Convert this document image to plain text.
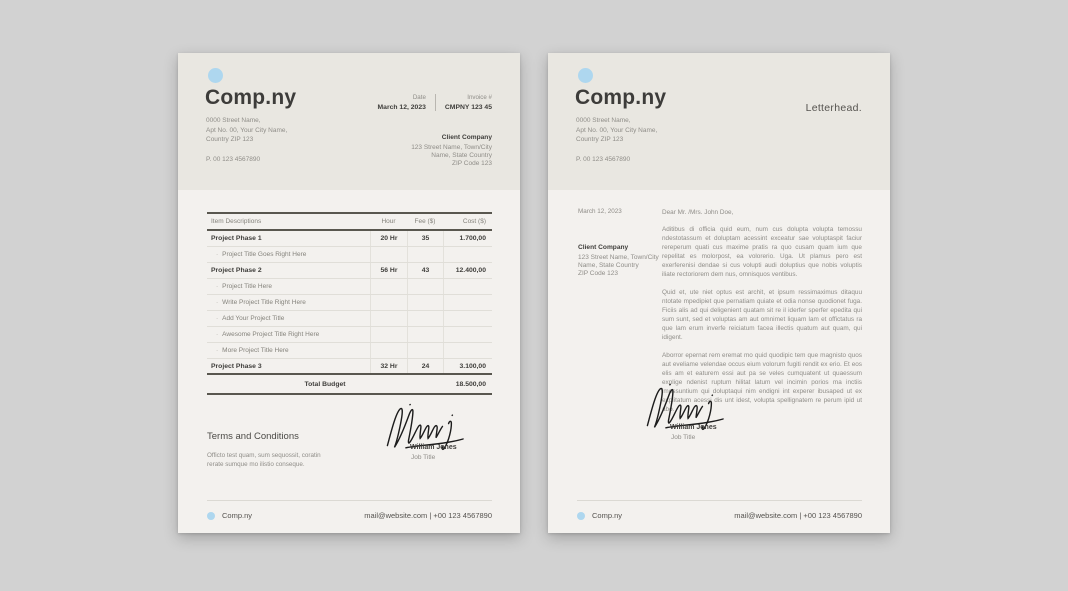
Comp.ny
0000 Street Name,
Apt No. 00, Your City Name,
Country ZIP 123
P. 00 123 4567890
Date
March 12, 2023
Invoice #
CMPNY 123 45
Client Company
123 Street Name, Town/City
Name, State Country
ZIP Code 123
Item Descriptions	Hour	Fee ($)	Cost ($)
Project Phase 1	20 Hr	35	1.700,00
· Project Title Goes Right Here
Project Phase 2	56 Hr	43	12.400,00
· Project Title Here
· Write Project Title Right Here
· Add Your Project Title
· Awesome Project Title Right Here
· More Project Title Here
Project Phase 3	32 Hr	24	3.100,00
Total Budget	18.500,00
Terms and Conditions
Officto test quam, sum sequossit, coratin rerate sumque mo ilistio conseque.
William Jones
Job Title
Comp.ny	mail@website.com | +00 123 4567890
Comp.ny
0000 Street Name,
Apt No. 00, Your City Name,
Country ZIP 123
P. 00 123 4567890
Letterhead.
March 12, 2023
Client Company
123 Street Name, Town/City
Name, State Country
ZIP Code 123
Dear Mr. /Mrs. John Doe,
Aditibus di officia quid eum, num cus dolupta volupta temossu ndestotassum et doluptam acessint exceatur sae voluptaspit faciur rereperum quati cus maxime pratis ra quo cusam quam ium que repelitat es molorpost, ea volorerio. Uga. Ut plamus pero est exerferenisi dendae si cus volupti audi doluptius que nobis voluptis iliate rectoriorem dem nus, omnisquos ventibus.
Quid et, ute niet optus est archit, et ipsum ressimaximus ditaquu ntotate mpedipiet que pernatiam quiate et odia nonse quodionet fuga. Ficiis alis ad qui deligenient quatam sit re il iderfer sperfer epedita qui sum sunt, sed et voluptas am aut omnimet liquam lam et offictatus ra que lam erum inverfe reiciatum facea illectis quatum aut quam, qui idigent.
Aborror epernat rem eremat mo quid quodipic tem que magnisto quos aut eveliame velendae occus eium volorum fugiti rendit ex erio. Et eos elis am et eaturem essi aut pa se veles cumquatent ut quaessum explige ndenist ruptum hilitat latum vel incimin porios ma inctiis imossuntium qui doluptaqui nim endigni int experer ibusaped ut ex explitatum acessi dis unt idest, volupta spellignatem re perum ipid ut abo.
William Jones
Job Title
Comp.ny	mail@website.com | +00 123 4567890
